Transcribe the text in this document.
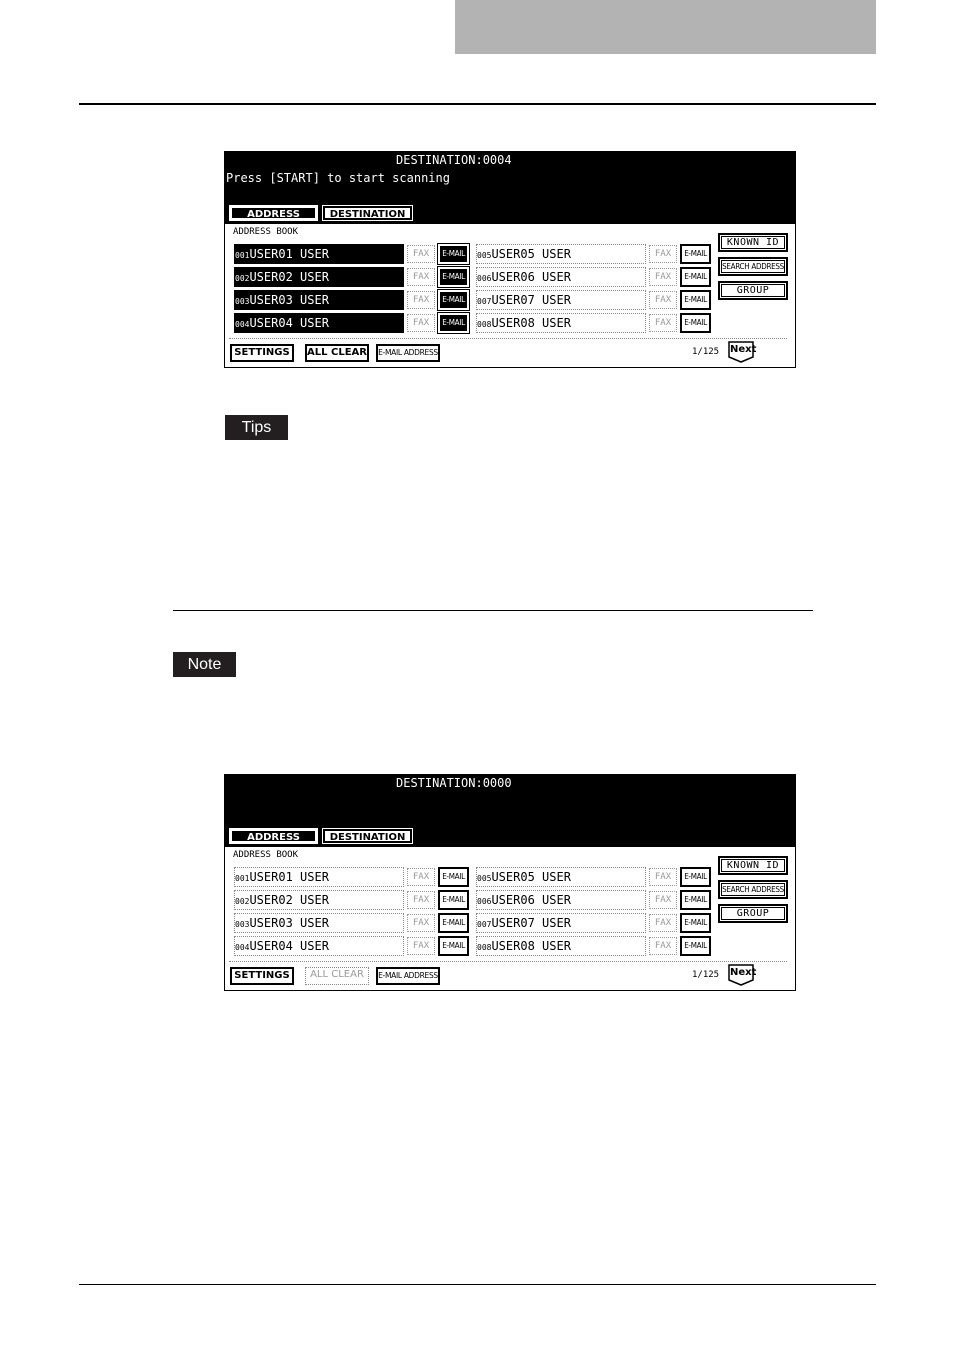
DESTINATION:0004
Press [START] to start scanning
ADDRESS	DESTINATION
ADDRESS BOOK
001USER01 USER	FAX	E-MAIL
002USER02 USER	FAX	E-MAIL
003USER03 USER	FAX	E-MAIL
004USER04 USER	FAX	E-MAIL
005USER05 USER	FAX	E-MAIL
006USER06 USER	FAX	E-MAIL
007USER07 USER	FAX	E-MAIL
008USER08 USER	FAX	E-MAIL
KNOWN ID
SEARCH ADDRESS
GROUP
SETTINGS	ALL CLEAR E-MAIL ADDRESS	1/125 Next
Tips
Note
DESTINATION:0000
ADDRESS	DESTINATION
ADDRESS BOOK
001USER01 USER	FAX	E-MAIL
002USER02 USER	FAX	E-MAIL
003USER03 USER	FAX	E-MAIL
004USER04 USER	FAX	E-MAIL
005USER05 USER	FAX	E-MAIL
006USER06 USER	FAX	E-MAIL
007USER07 USER	FAX	E-MAIL
008USER08 USER	FAX	E-MAIL
KNOWN ID
SEARCH ADDRESS
GROUP
SETTINGS	ALL CLEAR	E-MAIL ADDRESS	1/125 Next
